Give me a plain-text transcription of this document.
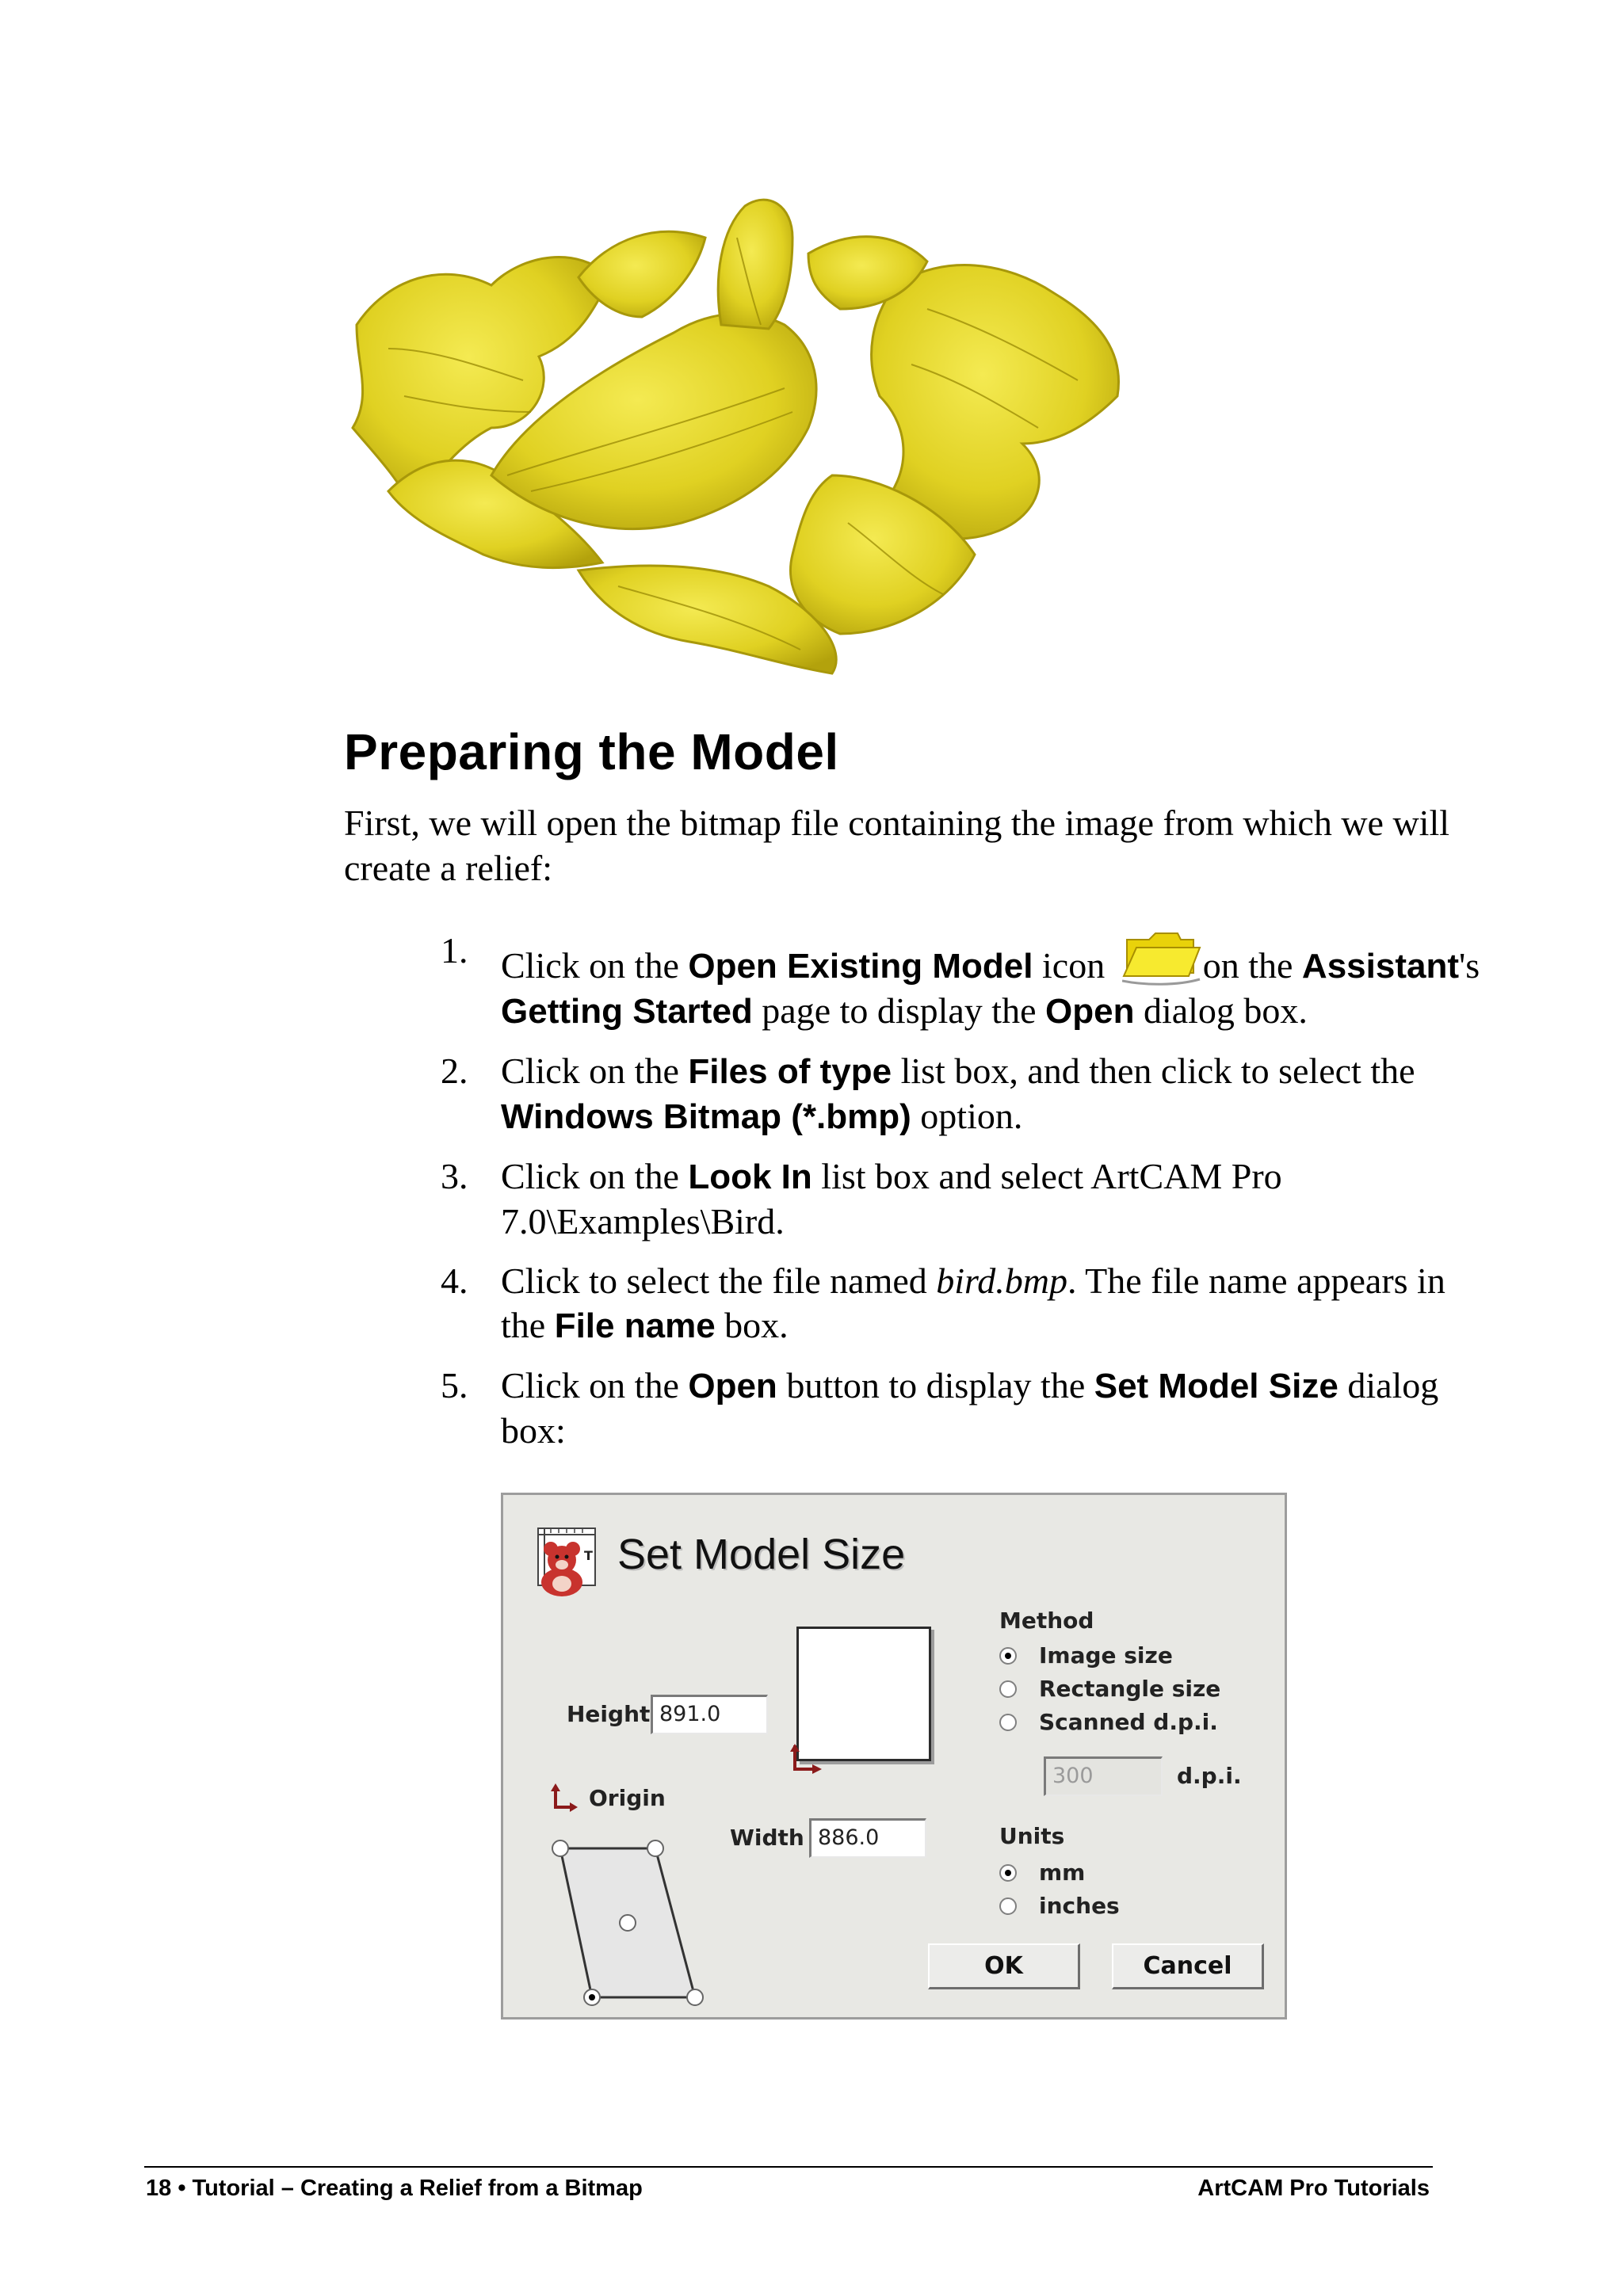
Preparing the Model

First, we will open the bitmap file containing the image from which we will create a relief:

1. Click on the Open Existing Model icon
on the Assistant's Getting Started page to display the Open dialog box.
2. Click on the Files of type list box, and then click to select the Windows Bitmap (*.bmp) option.
3. Click on the Look In list box and select ArtCAM Pro 7.0\Examples\Bird.
4. Click to select the file named bird.bmp. The file name appears in the File name box.
5. Click on the Open button to display the Set Model Size dialog box:
T Set Model Size
Height 891.0
Origin
Width 886.0
Method
Image size
Rectangle size
Scanned d.p.i.
300	d.p.i.
Units
mm
inches
OK	Cancel
18 • Tutorial – Creating a Relief from a Bitmap	ArtCAM Pro Tutorials
